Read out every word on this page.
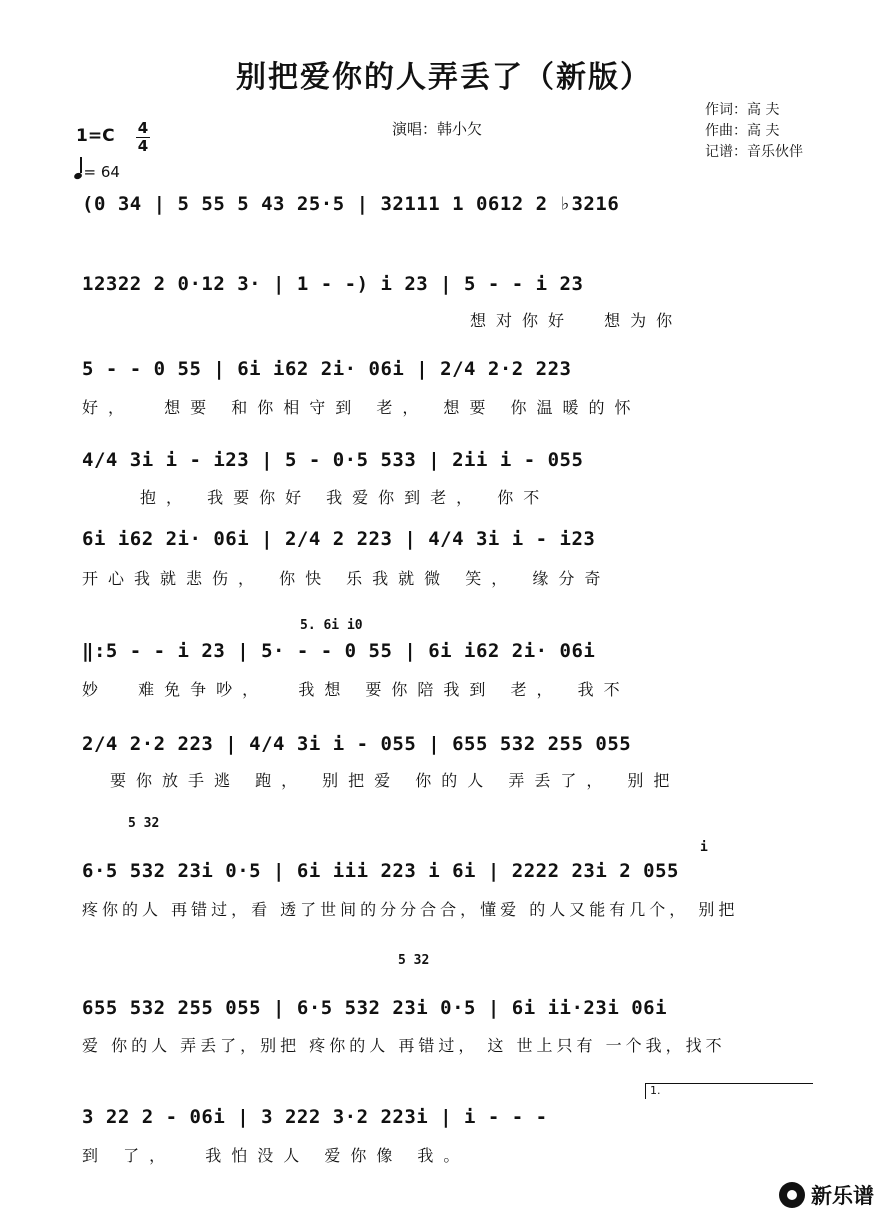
别把爱你的人弄丢了（新版）
演唱：韩小欠
作词：高 夫
作曲：高 夫
记谱：音乐伙伴
1=C 4
4
= 64
(0 34 | 5 55 5 43 25·5 | 32111 1 0612 2 ♭3216
12322 2 0·12 3· | 1 - -) i 23 | 5 - - i 23
想对你好  想为你
5 - - 0 55 | 6i i62 2i· 06i | 2/4 2·2 223
好，  想要 和你相守到 老， 想要 你温暖的怀
4/4 3i i - i23 | 5 - 0·5 533 | 2ii i - 055
抱， 我要你好 我爱你到老， 你不
6i i62 2i· 06i | 2/4 2 223 | 4/4 3i i - i23
开心我就悲伤， 你快 乐我就微 笑， 缘分奇
5. 6i i0
‖:5 - - i 23 | 5· - - 0 55 | 6i i62 2i· 06i
妙  难免争吵，  我想 要你陪我到 老， 我不
2/4 2·2 223 | 4/4 3i i - 055 | 655 532 255 055
要你放手逃 跑， 别把爱 你的人 弄丢了， 别把
5 32
i
6·5 532 23i 0·5 | 6i iii 223 i 6i | 2222 23i 2 055
疼你的人 再错过，看 透了世间的分分合合，懂爱 的人又能有几个， 别把
5 32
655 532 255 055 | 6·5 532 23i 0·5 | 6i ii·23i 06i
爱 你的人 弄丢了，别把 疼你的人 再错过， 这 世上只有 一个我，找不
1.
3 22 2 - 06i | 3 222 3·2 223i | i - - -
到 了，  我怕没人 爱你像 我。
新乐谱
